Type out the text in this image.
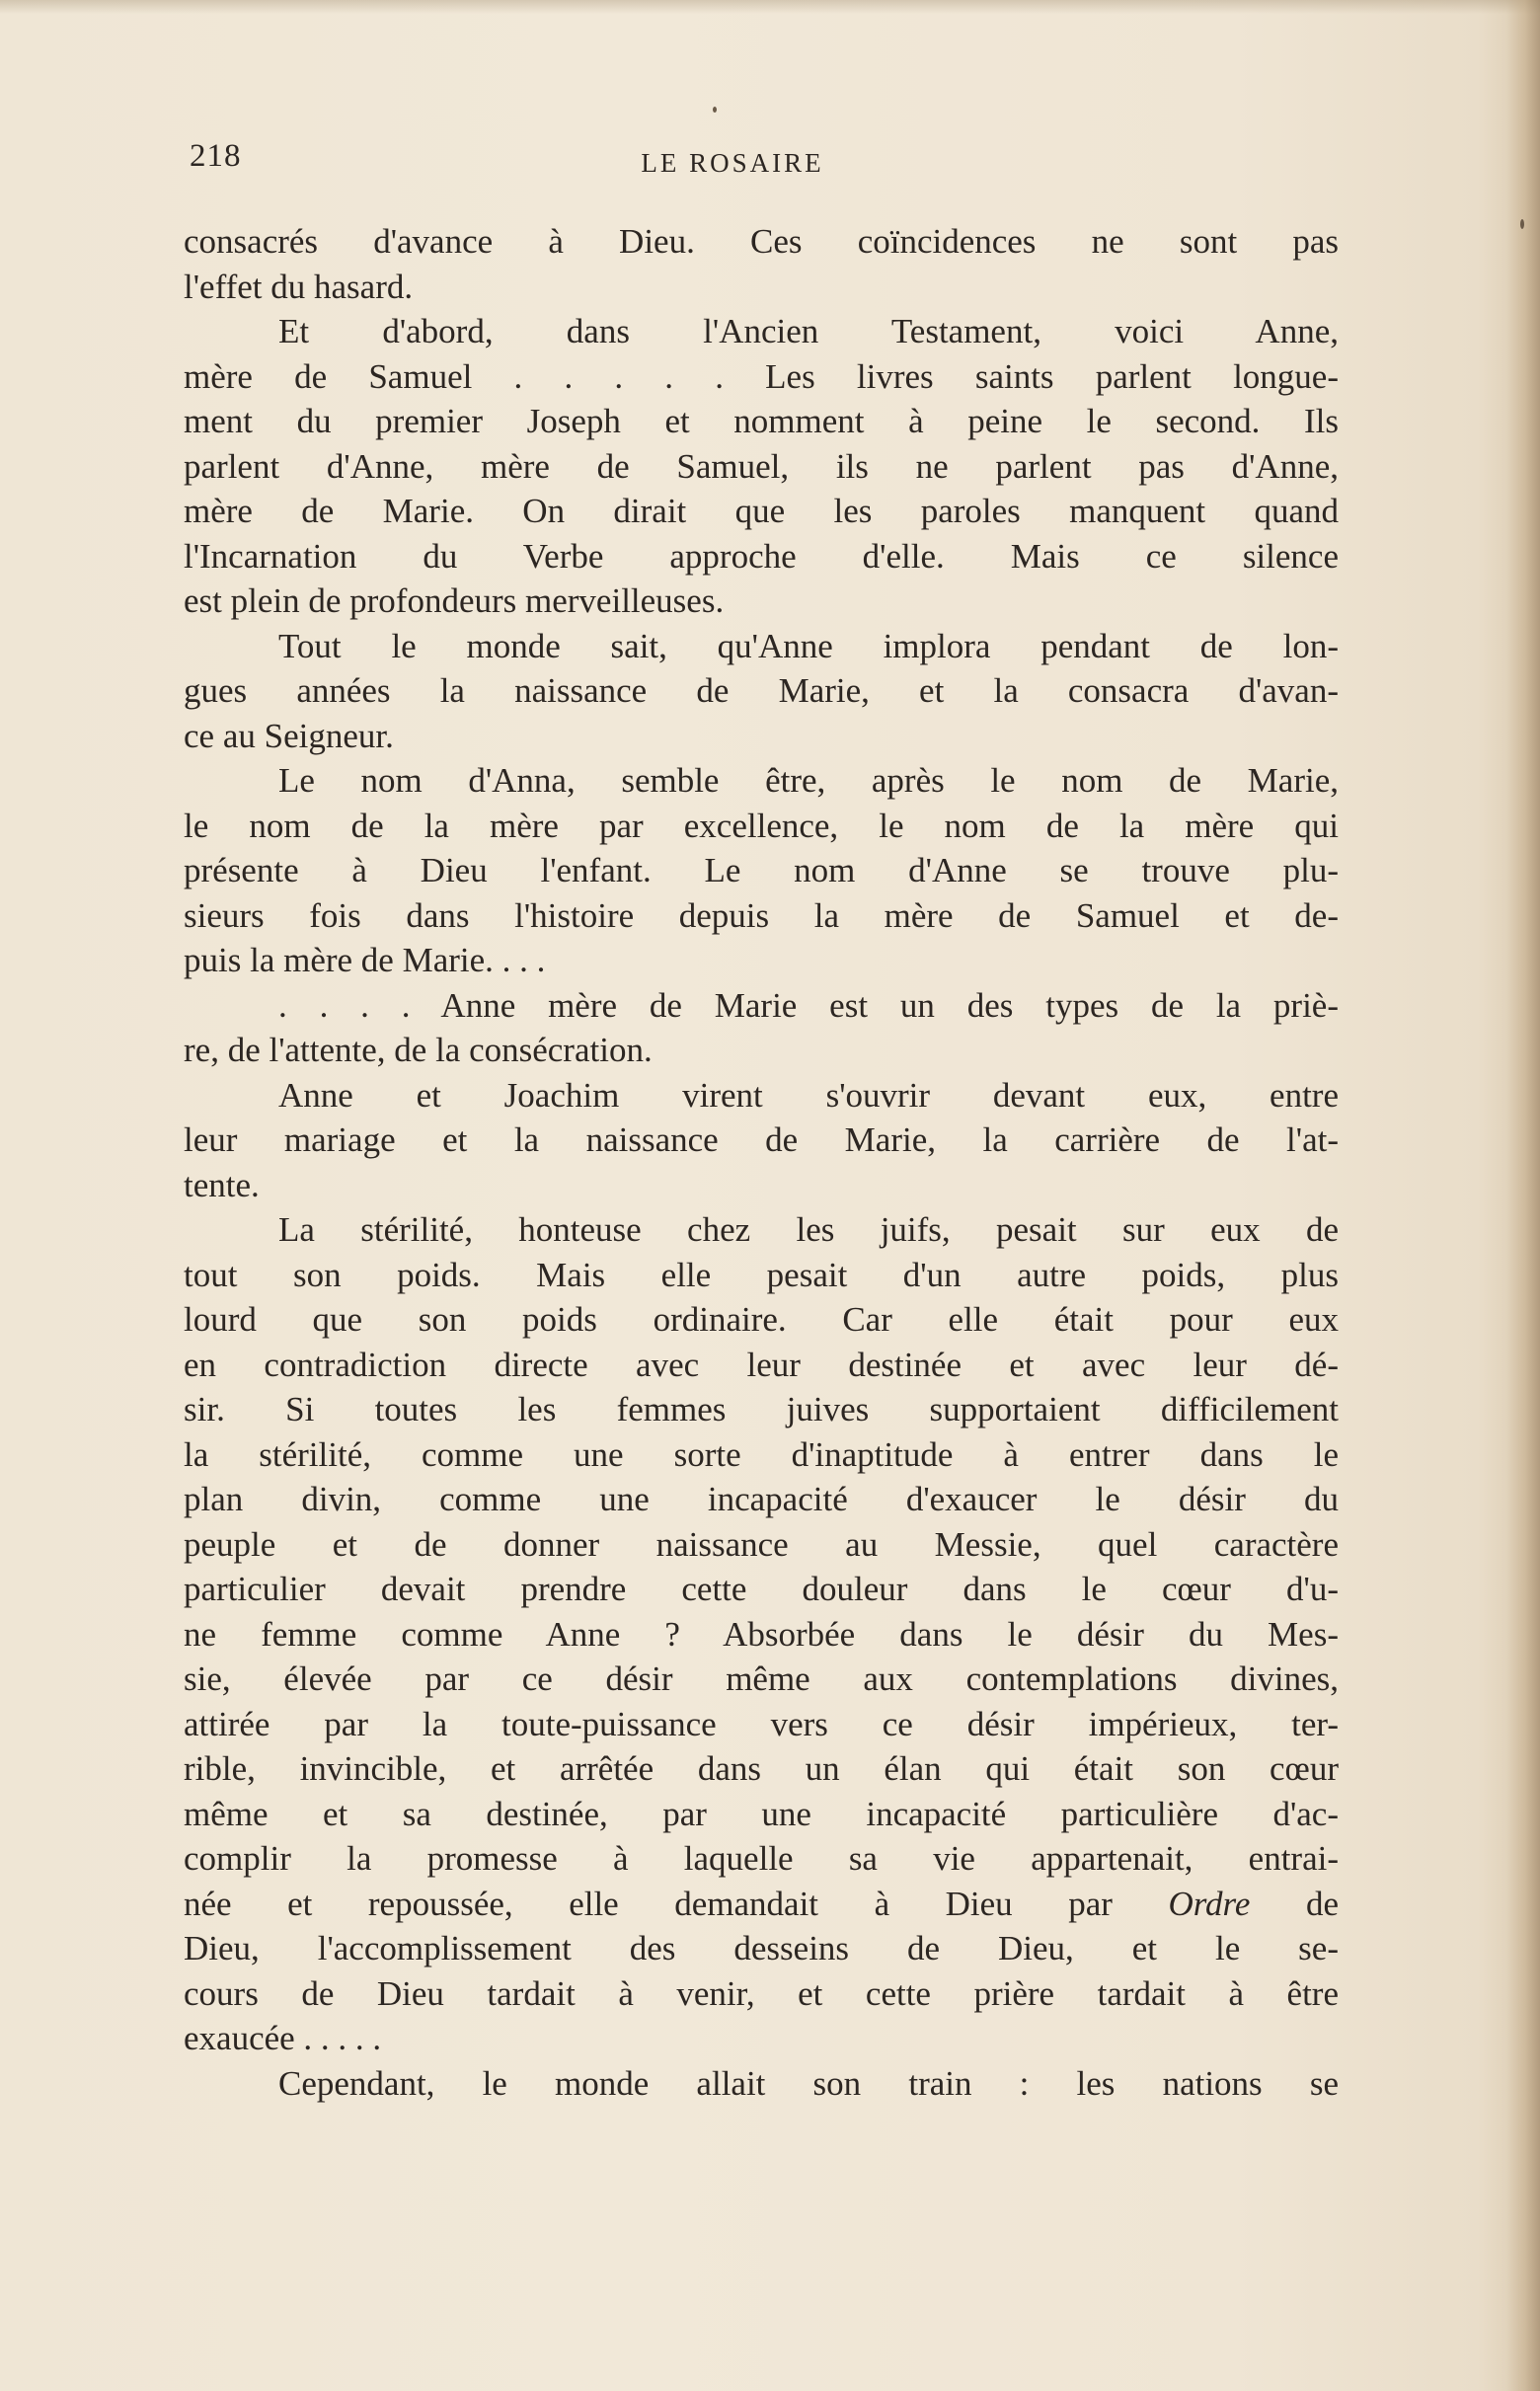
218	LE ROSAIRE
consacrés d'avance à Dieu. Ces coïncidences ne sont pas
l'effet du hasard.
Et d'abord, dans l'Ancien Testament, voici Anne,
mère de Samuel . . . . . Les livres saints parlent longue-
ment du premier Joseph et nomment à peine le second. Ils
parlent d'Anne, mère de Samuel, ils ne parlent pas d'Anne,
mère de Marie. On dirait que les paroles manquent quand
l'Incarnation du Verbe approche d'elle. Mais ce silence
est plein de profondeurs merveilleuses.
Tout le monde sait, qu'Anne implora pendant de lon-
gues années la naissance de Marie, et la consacra d'avan-
ce au Seigneur.
Le nom d'Anna, semble être, après le nom de Marie,
le nom de la mère par excellence, le nom de la mère qui
présente à Dieu l'enfant. Le nom d'Anne se trouve plu-
sieurs fois dans l'histoire depuis la mère de Samuel et de-
puis la mère de Marie. . . .
. . . . Anne mère de Marie est un des types de la priè-
re, de l'attente, de la consécration.
Anne et Joachim virent s'ouvrir devant eux, entre
leur mariage et la naissance de Marie, la carrière de l'at-
tente.
La stérilité, honteuse chez les juifs, pesait sur eux de
tout son poids. Mais elle pesait d'un autre poids, plus
lourd que son poids ordinaire. Car elle était pour eux
en contradiction directe avec leur destinée et avec leur dé-
sir. Si toutes les femmes juives supportaient difficilement
la stérilité, comme une sorte d'inaptitude à entrer dans le
plan divin, comme une incapacité d'exaucer le désir du
peuple et de donner naissance au Messie, quel caractère
particulier devait prendre cette douleur dans le cœur d'u-
ne femme comme Anne ? Absorbée dans le désir du Mes-
sie, élevée par ce désir même aux contemplations divines,
attirée par la toute-puissance vers ce désir impérieux, ter-
rible, invincible, et arrêtée dans un élan qui était son cœur
même et sa destinée, par une incapacité particulière d'ac-
complir la promesse à laquelle sa vie appartenait, entrai-
née et repoussée, elle demandait à Dieu par Ordre de
Dieu, l'accomplissement des desseins de Dieu, et le se-
cours de Dieu tardait à venir, et cette prière tardait à être
exaucée . . . . .
Cependant, le monde allait son train : les nations se
